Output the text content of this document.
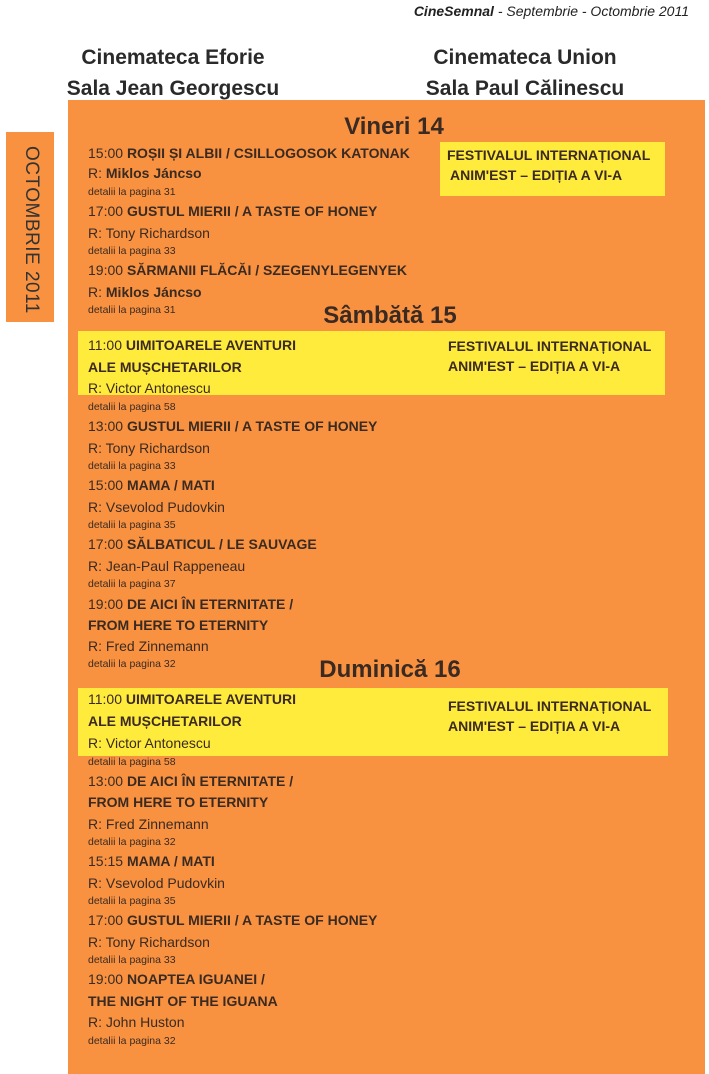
CineSemnal - Septembrie - Octombrie 2011
Cinemateca Eforie
Sala Jean Georgescu
Cinemateca Union
Sala Paul Călinescu
OCTOMBRIE 2011
Vineri 14
FESTIVALUL INTERNAȚIONAL
ANIM'EST – EDIȚIA A VI-A
15:00 ROȘII ȘI ALBII / CSILLOGOSOK KATONAK
R: Miklos Jáncso
detalii la pagina 31
17:00 GUSTUL MIERII / A TASTE OF HONEY
R: Tony Richardson
detalii la pagina 33
19:00 SĂRMANII FLĂCĂI / SZEGENYLEGENYEK
R: Miklos Jáncso
detalii la pagina 31	Sâmbătă 15
FESTIVALUL INTERNAȚIONAL
ANIM'EST – EDIȚIA A VI-A
11:00 UIMITOARELE AVENTURI
ALE MUȘCHETARILOR
R: Victor Antonescu
detalii la pagina 58
13:00 GUSTUL MIERII / A TASTE OF HONEY
R: Tony Richardson
detalii la pagina 33
15:00 MAMA / MATI
R: Vsevolod Pudovkin
detalii la pagina 35
17:00 SĂLBATICUL / LE SAUVAGE
R: Jean-Paul Rappeneau
detalii la pagina 37
19:00 DE AICI ÎN ETERNITATE /
FROM HERE TO ETERNITY
R: Fred Zinnemann
detalii la pagina 32	Duminică 16
FESTIVALUL INTERNAȚIONAL
ANIM'EST – EDIȚIA A VI-A
11:00 UIMITOARELE AVENTURI
ALE MUȘCHETARILOR
R: Victor Antonescu
detalii la pagina 58
13:00 DE AICI ÎN ETERNITATE /
FROM HERE TO ETERNITY
R: Fred Zinnemann
detalii la pagina 32
15:15 MAMA / MATI
R: Vsevolod Pudovkin
detalii la pagina 35
17:00 GUSTUL MIERII / A TASTE OF HONEY
R: Tony Richardson
detalii la pagina 33
19:00 NOAPTEA IGUANEI /
THE NIGHT OF THE IGUANA
R: John Huston
detalii la pagina 32
